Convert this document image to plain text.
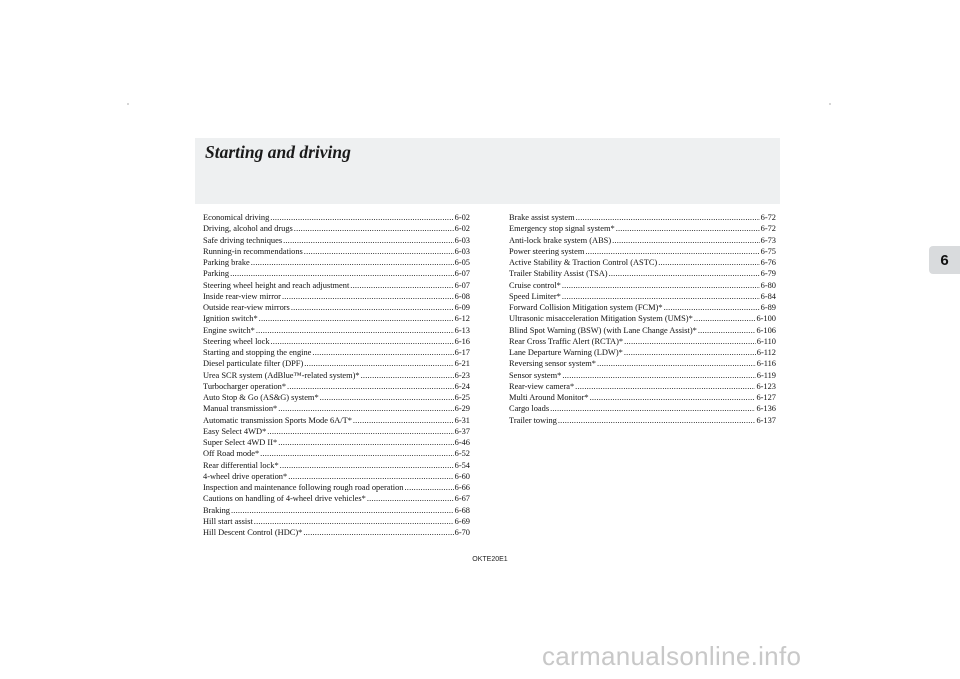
Starting and driving
Economical driving .....	6-02
Driving, alcohol and drugs .....	6-02
Safe driving techniques .....	6-03
Running-in recommendations .....	6-03
Parking brake .....	6-05
Parking .....	6-07
Steering wheel height and reach adjustment .....	6-07
Inside rear-view mirror .....	6-08
Outside rear-view mirrors .....	6-09
Ignition switch* .....	6-12
Engine switch* .....	6-13
Steering wheel lock .....	6-16
Starting and stopping the engine .....	6-17
Diesel particulate filter (DPF) .....	6-21
Urea SCR system (AdBlue™-related system)* .....	6-23
Turbocharger operation* .....	6-24
Auto Stop & Go (AS&G) system* .....	6-25
Manual transmission* .....	6-29
Automatic transmission Sports Mode 6A/T* .....	6-31
Easy Select 4WD* .....	6-37
Super Select 4WD II* .....	6-46
Off Road mode* .....	6-52
Rear differential lock* .....	6-54
4-wheel drive operation* .....	6-60
Inspection and maintenance following rough road operation .....	6-66
Cautions on handling of 4-wheel drive vehicles* .....	6-67
Braking .....	6-68
Hill start assist .....	6-69
Hill Descent Control (HDC)* .....	6-70
Brake assist system .....	6-72
Emergency stop signal system* .....	6-72
Anti-lock brake system (ABS) .....	6-73
Power steering system .....	6-75
Active Stability & Traction Control (ASTC) .....	6-76
Trailer Stability Assist (TSA) .....	6-79
Cruise control* .....	6-80
Speed Limiter* .....	6-84
Forward Collision Mitigation system (FCM)* .....	6-89
Ultrasonic misacceleration Mitigation System (UMS)* .....	6-100
Blind Spot Warning (BSW) (with Lane Change Assist)* .....	6-106
Rear Cross Traffic Alert (RCTA)* .....	6-110
Lane Departure Warning (LDW)* .....	6-112
Reversing sensor system* .....	6-116
Sensor system* .....	6-119
Rear-view camera* .....	6-123
Multi Around Monitor* .....	6-127
Cargo loads .....	6-136
Trailer towing .....	6-137
6
OKTE20E1
carmanualsonline.info
